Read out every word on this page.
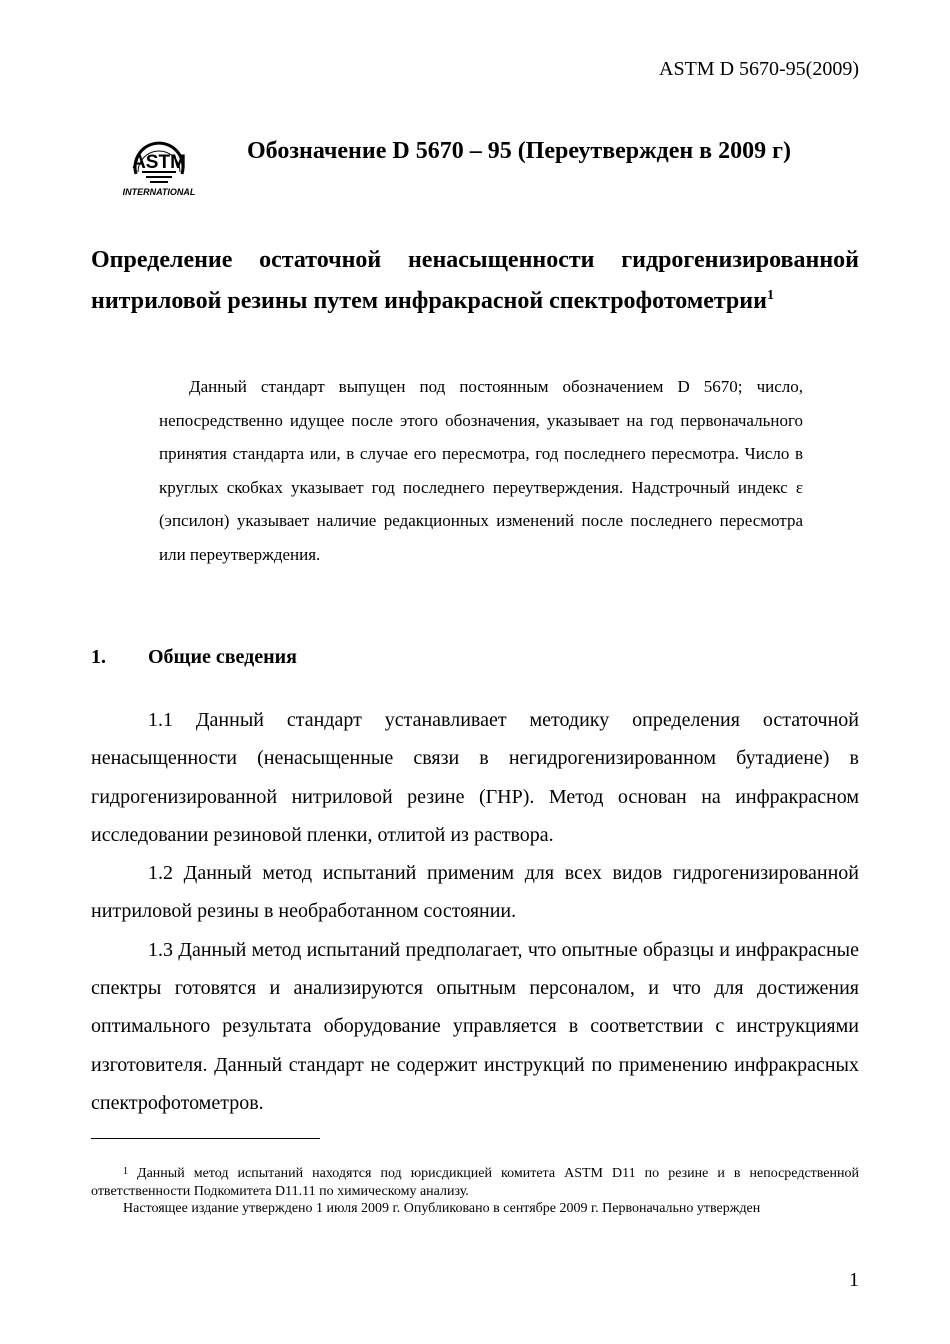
ASTM D 5670-95(2009)
ASTM
INTERNATIONAL
Обозначение D 5670 – 95 (Переутвержден в 2009 г)
Определение остаточной ненасыщенности гидрогенизированной нитриловой резины путем инфракрасной спектрофотометрии$^1$
Данный стандарт выпущен под постоянным обозначением D 5670; число, непосредственно идущее после этого обозначения, указывает на год первоначального принятия стандарта или, в случае его пересмотра, год последнего пересмотра. Число в круглых скобках указывает год последнего переутверждения. Надстрочный индекс ε (эпсилон) указывает наличие редакционных изменений после последнего пересмотра или переутверждения.
1. Общие сведения

1.1 Данный стандарт устанавливает методику определения остаточной ненасыщенности (ненасыщенные связи в негидрогенизированном бутадиене) в гидрогенизированной нитриловой резине (ГНР). Метод основан на инфракрасном исследовании резиновой пленки, отлитой из раствора.

1.2 Данный метод испытаний применим для всех видов гидрогенизированной нитриловой резины в необработанном состоянии.

1.3 Данный метод испытаний предполагает, что опытные образцы и инфракрасные спектры готовятся и анализируются опытным персоналом, и что для достижения оптимального результата оборудование управляется в соответствии с инструкциями изготовителя. Данный стандарт не содержит инструкций по применению инфракрасных спектрофотометров.

$^1$ Данный метод испытаний находятся под юрисдикцией комитета ASTM D11 по резине и в непосредственной ответственности Подкомитета D11.11 по химическому анализу.

Настоящее издание утверждено 1 июля 2009 г. Опубликовано в сентябре 2009 г. Первоначально утвержден

1
